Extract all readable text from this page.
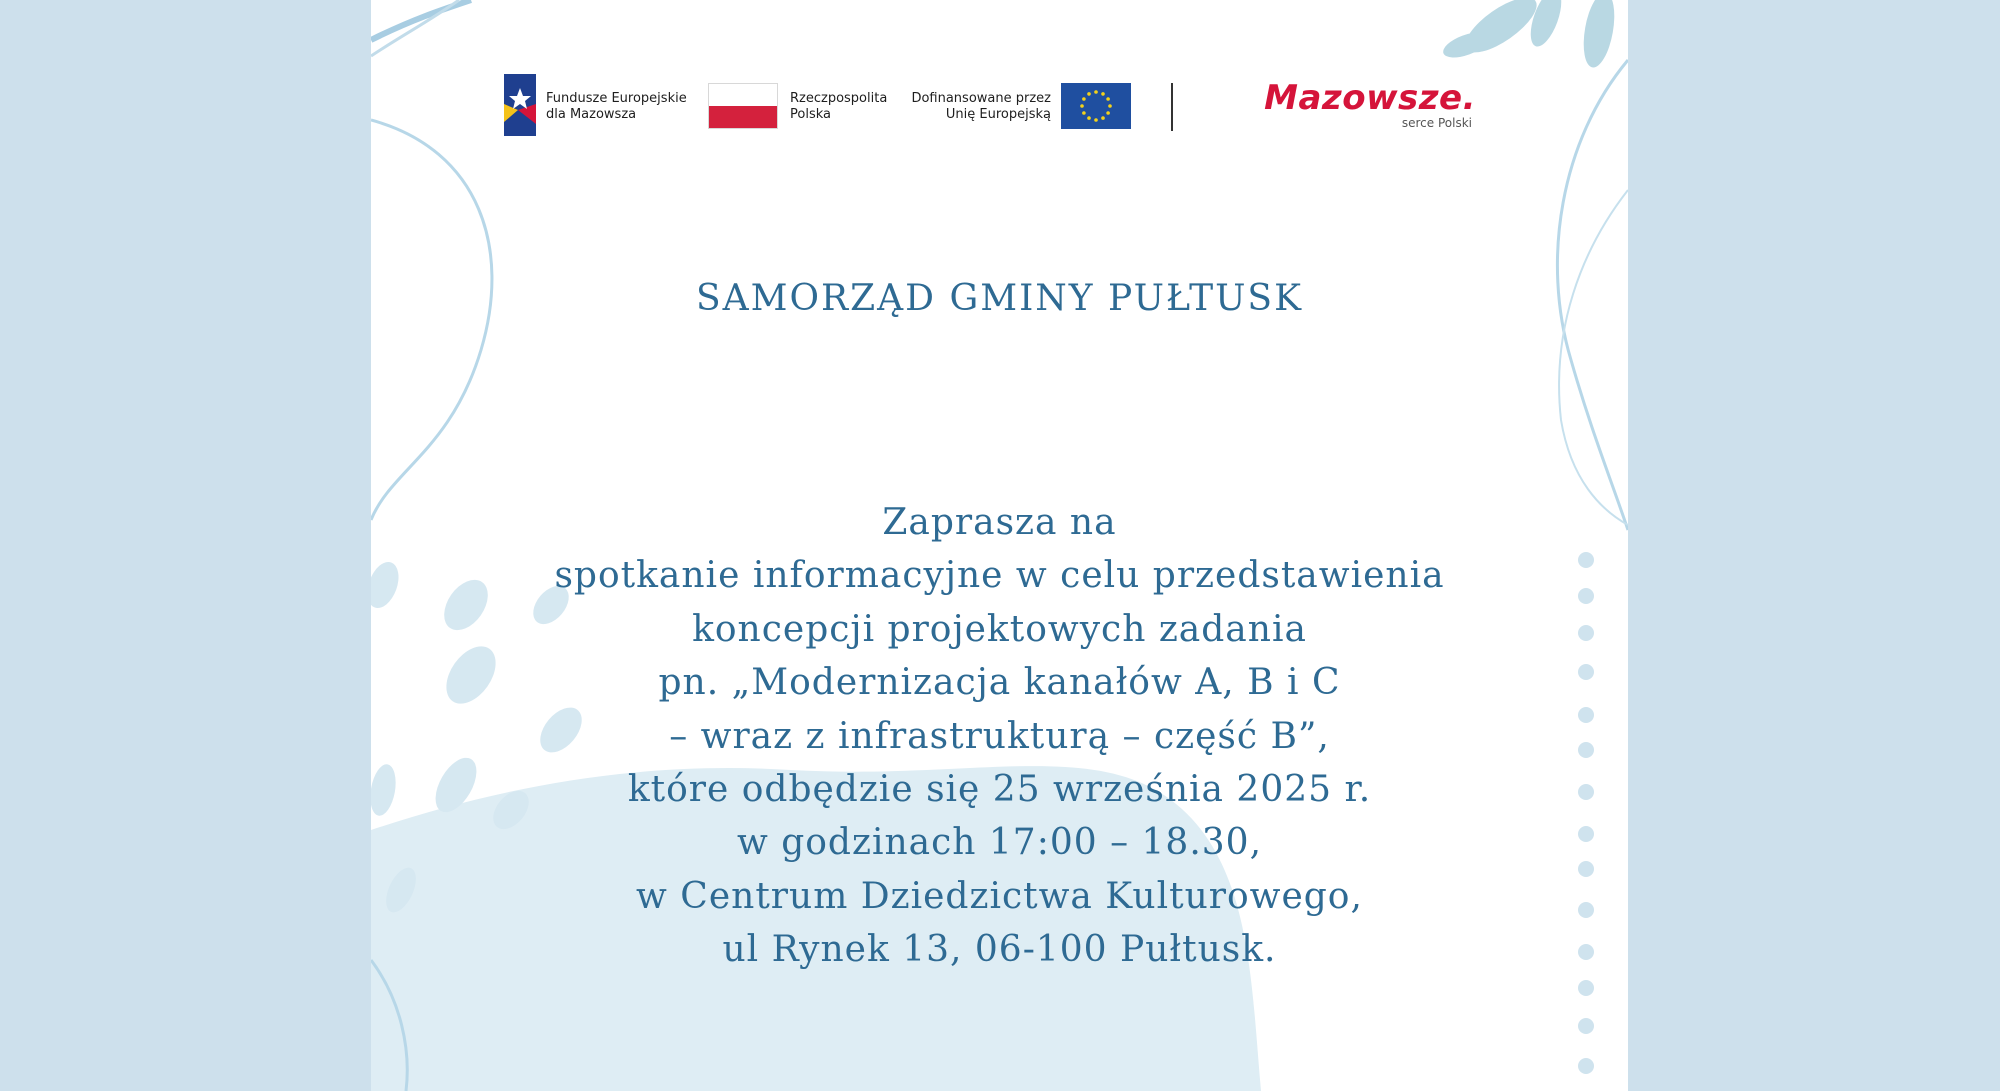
Fundusze Europejskie
dla Mazowsza
Rzeczpospolita
Polska
Dofinansowane przez
Unię Europejską	Mazowsze.
serce Polski
SAMORZĄD GMINY PUŁTUSK
Zaprasza na
spotkanie informacyjne w celu przedstawienia
koncepcji projektowych zadania
pn. „Modernizacja kanałów A, B i C
– wraz z infrastrukturą – część B”,
które odbędzie się 25 września 2025 r.
w godzinach 17:00 – 18.30,
w Centrum Dziedzictwa Kulturowego,
ul Rynek 13, 06-100 Pułtusk.
